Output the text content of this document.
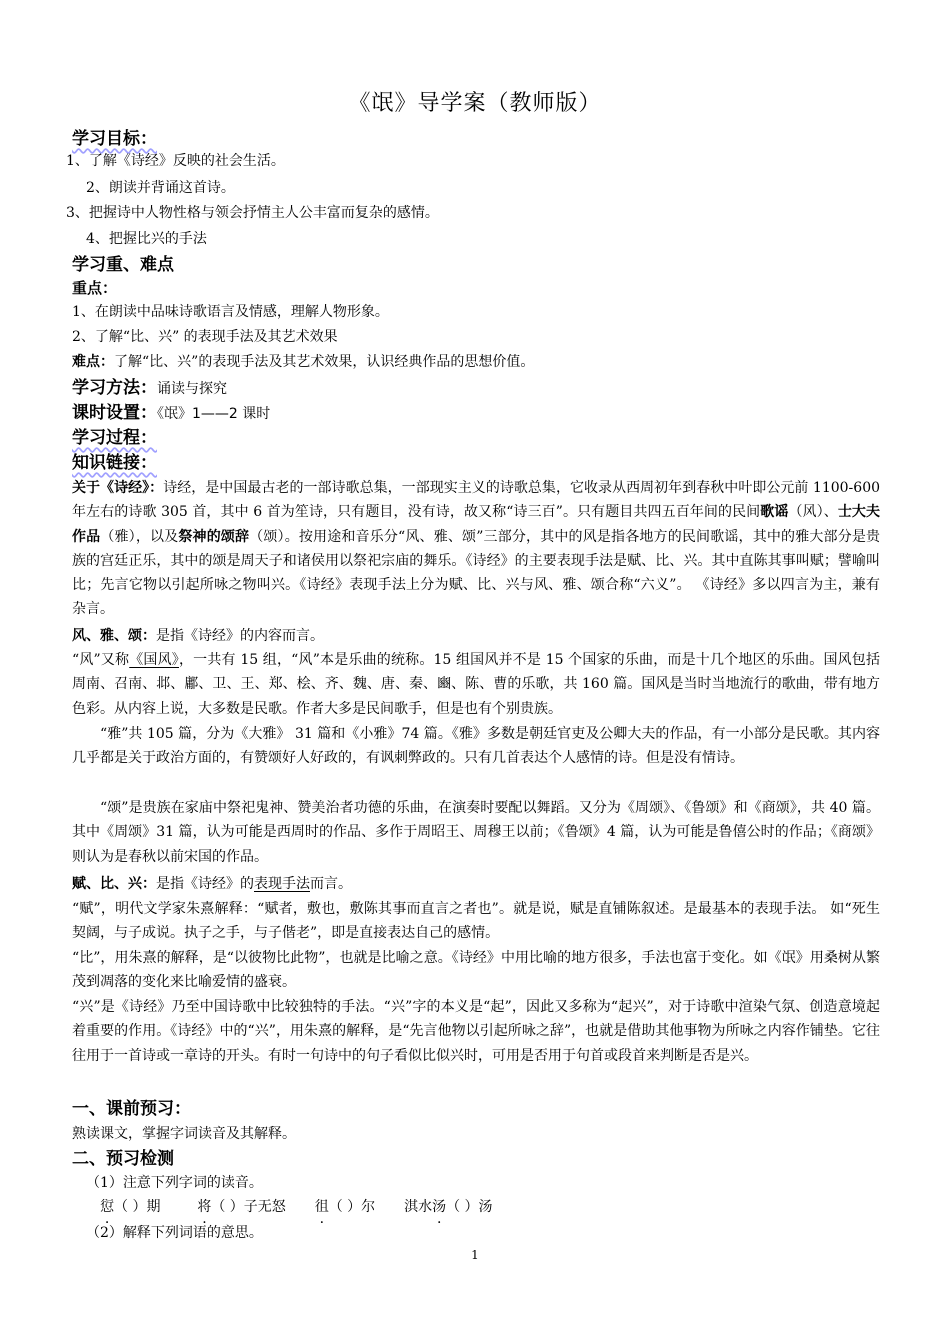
《氓》导学案（教师版）
学习目标：
1、了解《诗经》反映的社会生活。
2、朗读并背诵这首诗。
3、把握诗中人物性格与领会抒情主人公丰富而复杂的感情。
4、把握比兴的手法
学习重、难点
重点：
1、在朗读中品味诗歌语言及情感，理解人物形象。
2、了解“比、兴” 的表现手法及其艺术效果
难点：了解“比、兴”的表现手法及其艺术效果，认识经典作品的思想价值。
学习方法：诵读与探究
课时设置：《氓》1——2 课时
学习过程：
知识链接：
关于《诗经》：诗经，是中国最古老的一部诗歌总集，一部现实主义的诗歌总集，它收录从西周初年到春秋中叶即公元前 1100-600 年左右的诗歌 305 首，其中 6 首为笙诗，只有题目，没有诗，故又称“诗三百”。只有题目共四五百年间的民间歌谣（风）、士大夫作品（雅），以及祭神的颂辞（颂）。按用途和音乐分“风、雅、颂”三部分，其中的风是指各地方的民间歌谣，其中的雅大部分是贵族的宫廷正乐，其中的颂是周天子和诸侯用以祭祀宗庙的舞乐。《诗经》的主要表现手法是赋、比、兴。其中直陈其事叫赋；譬喻叫比；先言它物以引起所咏之物叫兴。《诗经》表现手法上分为赋、比、兴与风、雅、颂合称“六义”。 《诗经》多以四言为主，兼有杂言。
风、雅、颂：是指《诗经》的内容而言。
“风”又称《国风》，一共有 15 组，“风”本是乐曲的统称。15 组国风并不是 15 个国家的乐曲，而是十几个地区的乐曲。国风包括周南、召南、邶、鄘、卫、王、郑、桧、齐、魏、唐、秦、豳、陈、曹的乐歌，共 160 篇。国风是当时当地流行的歌曲，带有地方色彩。从内容上说，大多数是民歌。作者大多是民间歌手，但是也有个别贵族。
“雅”共 105 篇，分为《大雅》 31 篇和《小雅》74 篇。《雅》多数是朝廷官吏及公卿大夫的作品，有一小部分是民歌。其内容几乎都是关于政治方面的，有赞颂好人好政的，有讽刺弊政的。只有几首表达个人感情的诗。但是没有情诗。
“颂”是贵族在家庙中祭祀鬼神、赞美治者功德的乐曲，在演奏时要配以舞蹈。又分为《周颂》、《鲁颂》和《商颂》，共 40 篇。其中《周颂》31 篇，认为可能是西周时的作品、多作于周昭王、周穆王以前；《鲁颂》4 篇，认为可能是鲁僖公时的作品；《商颂》则认为是春秋以前宋国的作品。
赋、比、兴：是指《诗经》的表现手法而言。
“赋”，明代文学家朱熹解释：“赋者，敷也，敷陈其事而直言之者也”。就是说，赋是直铺陈叙述。是最基本的表现手法。 如“死生契阔，与子成说。执子之手，与子偕老”，即是直接表达自己的感情。
“比”，用朱熹的解释，是“以彼物比此物”，也就是比喻之意。《诗经》中用比喻的地方很多，手法也富于变化。如《氓》用桑树从繁茂到凋落的变化来比喻爱情的盛衰。
“兴”是《诗经》乃至中国诗歌中比较独特的手法。“兴”字的本义是“起”，因此又多称为“起兴”，对于诗歌中渲染气氛、创造意境起着重要的作用。《诗经》中的“兴”，用朱熹的解释，是“先言他物以引起所咏之辞”，也就是借助其他事物为所咏之内容作铺垫。它往往用于一首诗或一章诗的开头。有时一句诗中的句子看似比似兴时，可用是否用于句首或段首来判断是否是兴。
一、课前预习：
熟读课文，掌握字词读音及其解释。
二、预习检测
（1）注意下列字词的读音。
愆（ ）期	将（ ）子无怒 徂（ ）尔 淇水汤（ ）汤
（2）解释下列词语的意思。
1
